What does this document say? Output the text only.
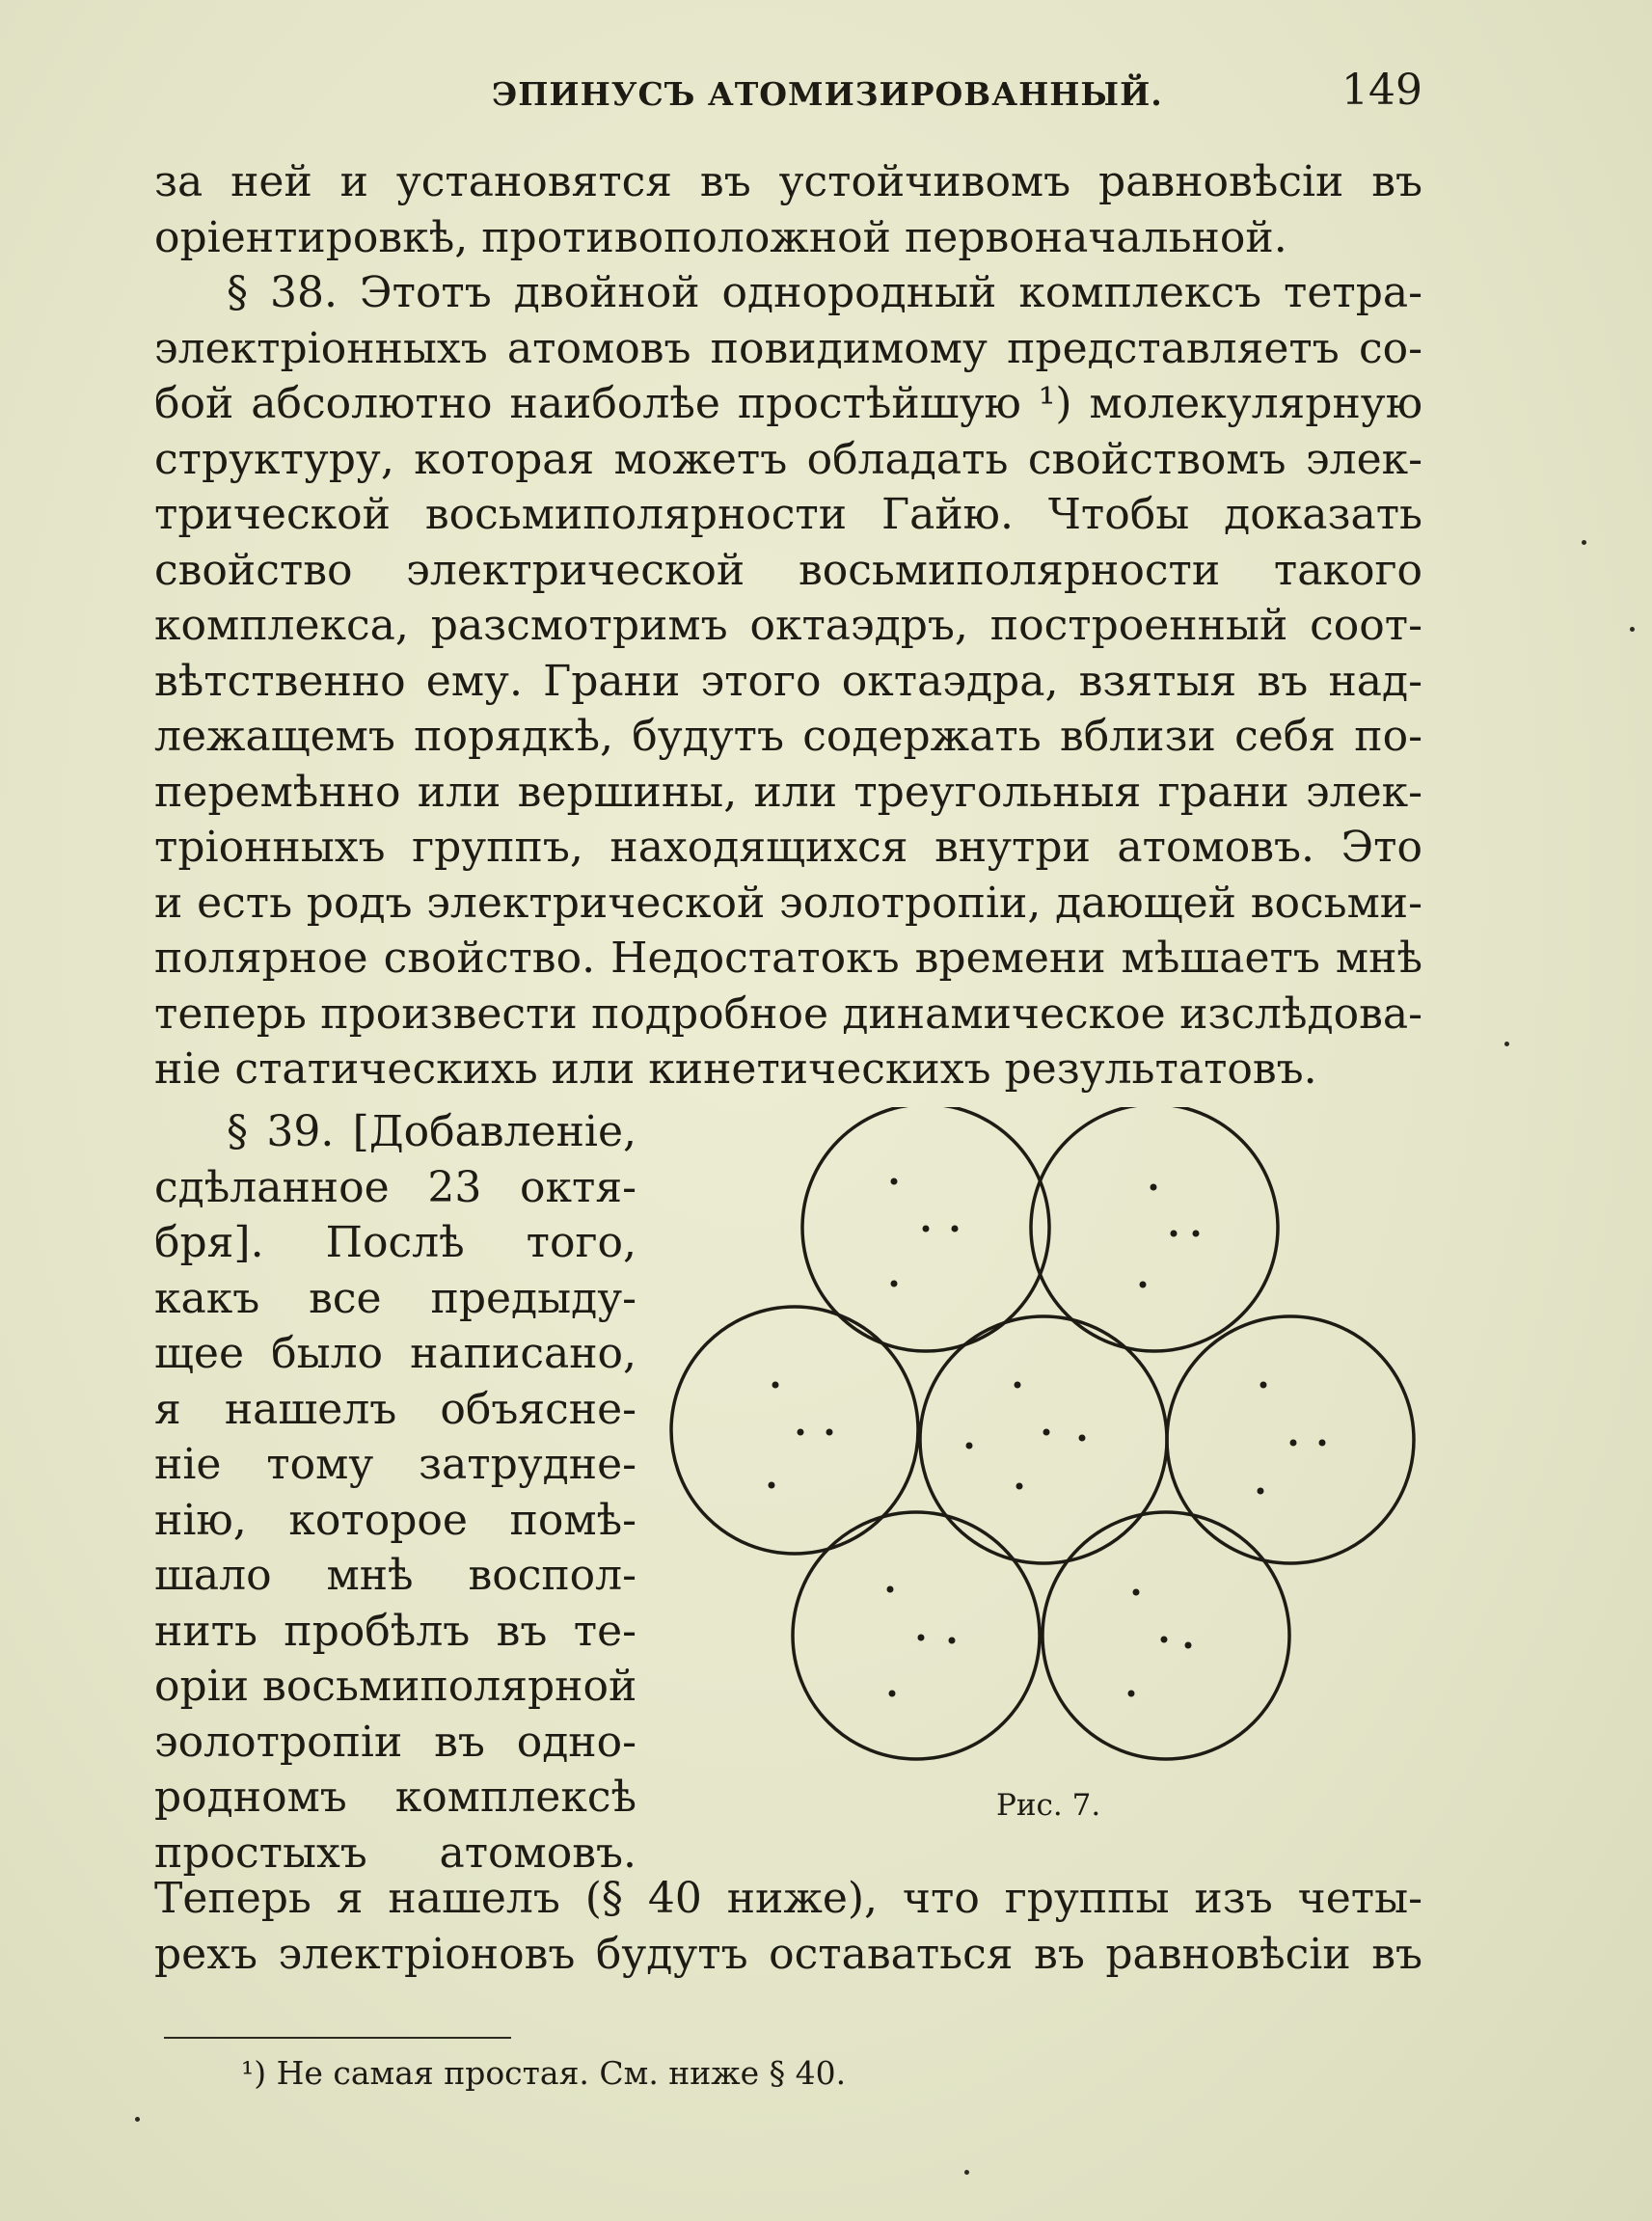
ЭПИНУСЪ АТОМИЗИРОВАННЫЙ.	149
за ней и установятся въ устойчивомъ равновѣсіи въ
оріентировкѣ, противоположной первоначальной.
§ 38. Этотъ двойной однородный комплексъ тетра-
электріонныхъ атомовъ повидимому представляетъ со-
бой абсолютно наиболѣе простѣйшую ¹) молекулярную
структуру, которая можетъ обладать свойствомъ элек-
трической восьмиполярности Гайю. Чтобы доказать
свойство электрической восьмиполярности такого
комплекса, разсмотримъ октаэдръ, построенный соот-
вѣтственно ему. Грани этого октаэдра, взятыя въ над-
лежащемъ порядкѣ, будутъ содержать вблизи себя по-
перемѣнно или вершины, или треугольныя грани элек-
тріонныхъ группъ, находящихся внутри атомовъ. Это
и есть родъ электрической эолотропіи, дающей восьми-
полярное свойство. Недостатокъ времени мѣшаетъ мнѣ
теперь произвести подробное динамическое изслѣдова-
ніе статическихь или кинетическихъ результатовъ.
§ 39. [Добавленіе,
сдѣланное 23 октя-
бря]. Послѣ того,
какъ все предыду-
щее было написано,
я нашелъ объясне-
ніе тому затрудне-
нію, которое помѣ-
шало мнѣ воспол-
нить пробѣлъ въ те-
оріи восьмиполярной
эолотропіи въ одно-
родномъ комплексѣ
простыхъ атомовъ.
Рис. 7.
Теперь я нашелъ (§ 40 ниже), что группы изъ четы-
рехъ электріоновъ будутъ оставаться въ равновѣсіи въ
¹) Не самая простая. См. ниже § 40.
